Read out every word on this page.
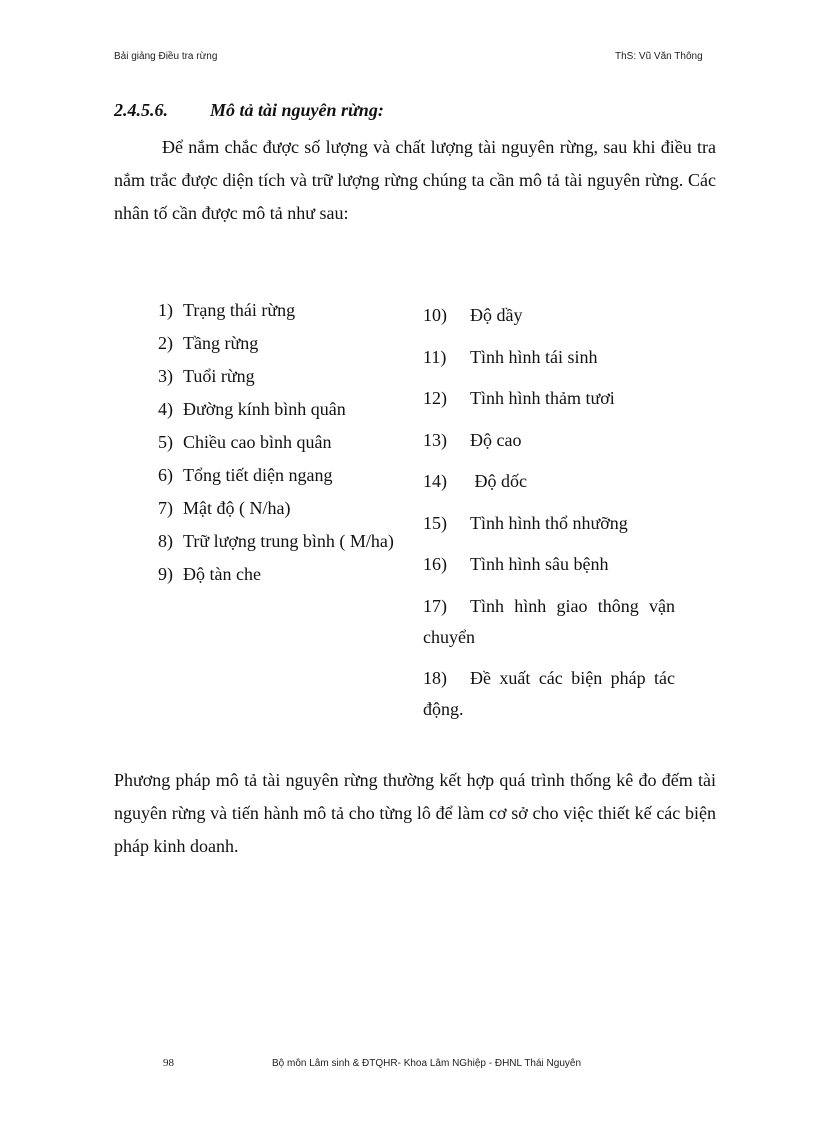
Bải giảng Điều tra rừng	ThS: Vũ Văn Thông
2.4.5.6. Mô tả tài nguyên rừng:

Để nắm chắc được số lượng và chất lượng tài nguyên rừng, sau khi điều tra nắm trắc được diện tích và trữ lượng rừng chúng ta cần mô tả tài nguyên rừng. Các nhân tố cần được mô tả như sau:

1) Trạng thái rừng
2) Tầng rừng
3) Tuổi rừng
4) Đường kính bình quân
5) Chiều cao bình quân
6) Tổng tiết diện ngang
7) Mật độ ( N/ha)
8) Trữ lượng trung bình ( M/ha)
9) Độ tàn che
10) Độ dầy
11) Tình hình tái sinh
12) Tình hình thảm tươi
13) Độ cao
14) Độ dốc
15) Tình hình thổ nhưỡng
16) Tình hình sâu bệnh
17) Tình hình giao thông vận chuyển
18) Đề xuất các biện pháp tác động.

Phương pháp mô tả tài nguyên rừng thường kết hợp quá trình thống kê đo đếm tài nguyên rừng và tiến hành mô tả cho từng lô để làm cơ sở cho việc thiết kế các biện pháp kinh doanh.

98	Bộ môn Lâm sinh & ĐTQHR- Khoa Lâm NGhiệp - ĐHNL Thái Nguyên
